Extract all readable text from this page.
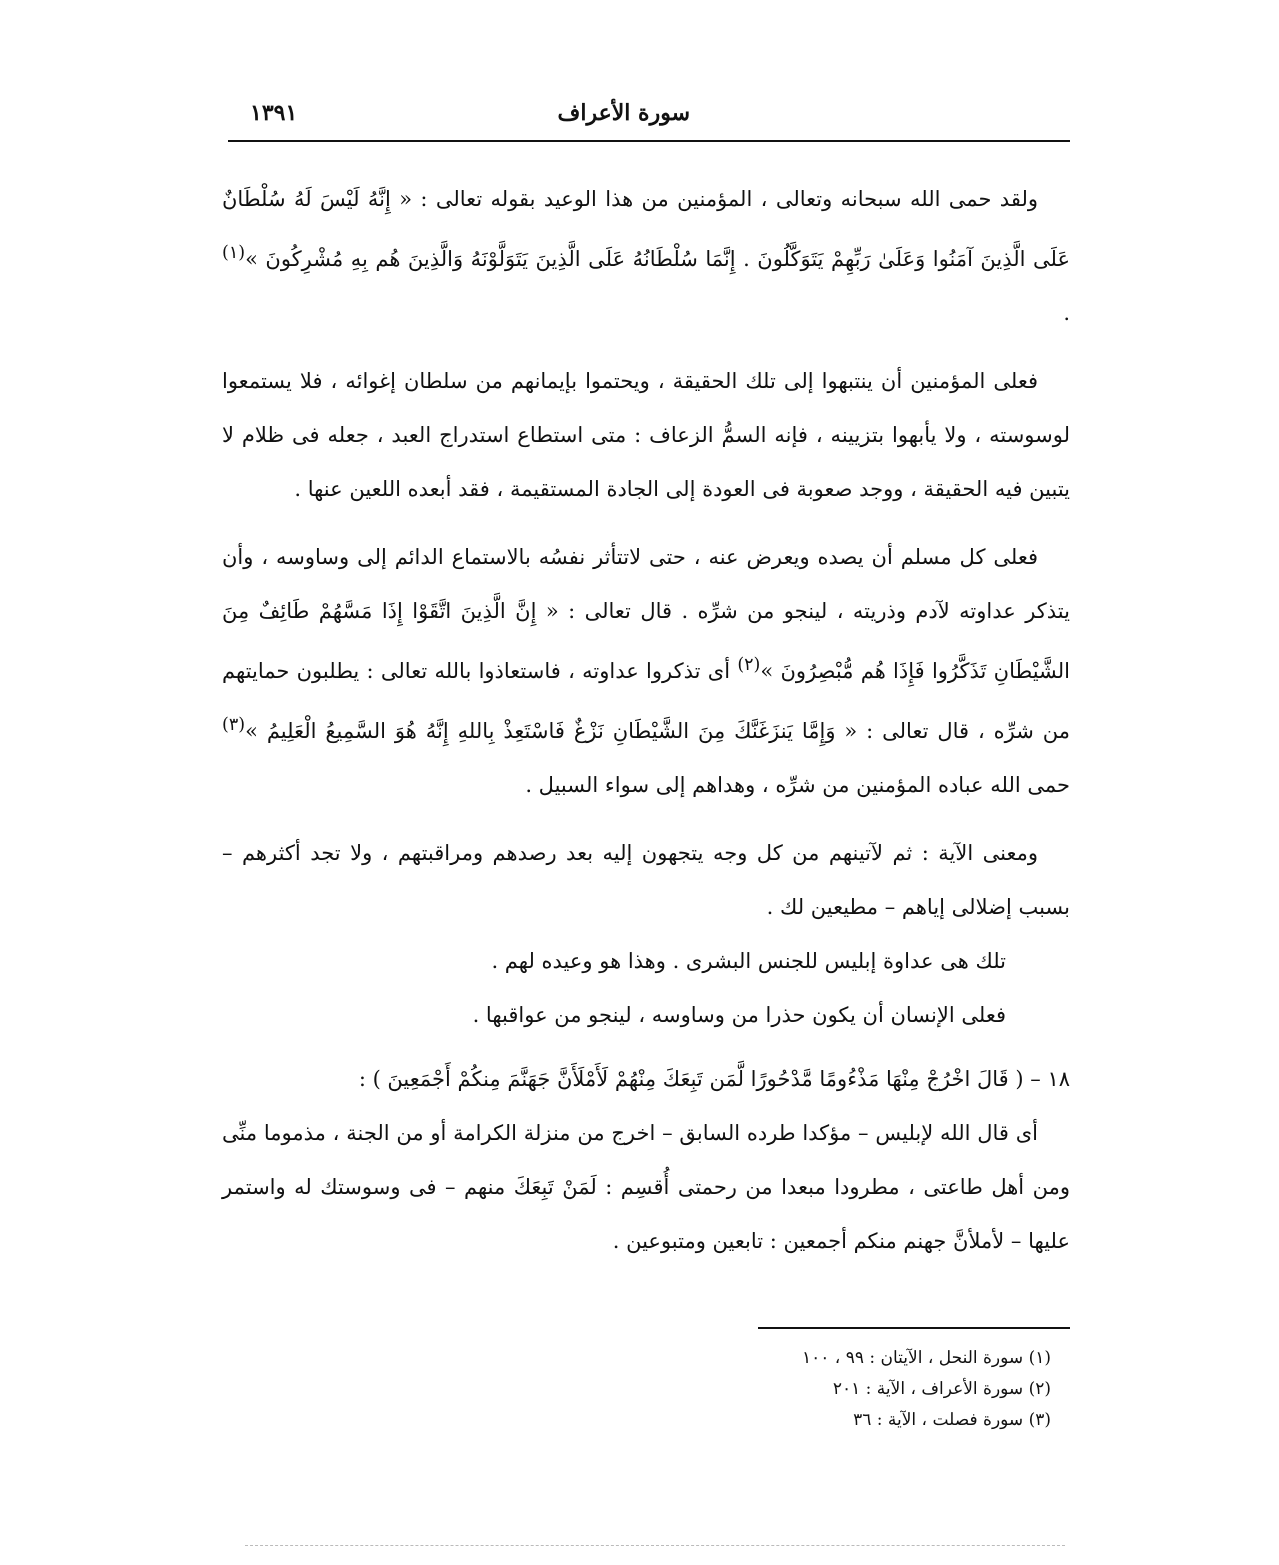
سورة الأعراف
١٣٩١

ولقد حمى الله سبحانه وتعالى ، المؤمنين من هذا الوعيد بقوله تعالى : « إِنَّهُ لَيْسَ لَهُ سُلْطَانٌ عَلَى الَّذِينَ آمَنُوا وَعَلَىٰ رَبِّهِمْ يَتَوَكَّلُونَ . إِنَّمَا سُلْطَانُهُ عَلَى الَّذِينَ يَتَوَلَّوْنَهُ وَالَّذِينَ هُم بِهِ مُشْرِكُونَ »$^{(١)}$ .

فعلى المؤمنين أن ينتبهوا إلى تلك الحقيقة ، ويحتموا بإيمانهم من سلطان إغوائه ، فلا يستمعوا لوسوسته ، ولا يأبهوا بتزيينه ، فإنه السمُّ الزعاف : متى استطاع استدراج العبد ، جعله فى ظلام لا يتبين فيه الحقيقة ، ووجد صعوبة فى العودة إلى الجادة المستقيمة ، فقد أبعده اللعين عنها .

فعلى كل مسلم أن يصده ويعرض عنه ، حتى لاتتأثر نفسُه بالاستماع الدائم إلى وساوسه ، وأن يتذكر عداوته لآدم وذريته ، لينجو من شرِّه . قال تعالى : « إِنَّ الَّذِينَ اتَّقَوْا إِذَا مَسَّهُمْ طَائِفٌ مِنَ الشَّيْطَانِ تَذَكَّرُوا فَإِذَا هُم مُّبْصِرُونَ »$^{(٢)}$ أى تذكروا عداوته ، فاستعاذوا بالله تعالى : يطلبون حمايتهم من شرِّه ، قال تعالى : « وَإِمَّا يَنزَغَنَّكَ مِنَ الشَّيْطَانِ نَزْغٌ فَاسْتَعِذْ بِاللهِ إِنَّهُ هُوَ السَّمِيعُ الْعَلِيمُ »$^{(٣)}$ حمى الله عباده المؤمنين من شرِّه ، وهداهم إلى سواء السبيل .

ومعنى الآية : ثم لآتينهم من كل وجه يتجهون إليه بعد رصدهم ومراقبتهم ، ولا تجد أكثرهم – بسبب إضلالى إياهم – مطيعين لك .

تلك هى عداوة إبليس للجنس البشرى . وهذا هو وعيده لهم .

فعلى الإنسان أن يكون حذرا من وساوسه ، لينجو من عواقبها .

١٨ – ( قَالَ اخْرُجْ مِنْهَا مَذْءُومًا مَّدْحُورًا لَّمَن تَبِعَكَ مِنْهُمْ لَأَمْلَأَنَّ جَهَنَّمَ مِنكُمْ أَجْمَعِينَ ) :

أى قال الله لإبليس – مؤكدا طرده السابق – اخرج من منزلة الكرامة أو من الجنة ، مذموما منِّى ومن أهل طاعتى ، مطرودا مبعدا من رحمتى أُقسِم : لَمَنْ تَبِعَكَ منهم – فى وسوستك له واستمر عليها – لأملأنَّ جهنم منكم أجمعين : تابعين ومتبوعين .

(١) سورة النحل ، الآيتان : ٩٩ ، ١٠٠
(٢) سورة الأعراف ، الآية : ٢٠١
(٣) سورة فصلت ، الآية : ٣٦
